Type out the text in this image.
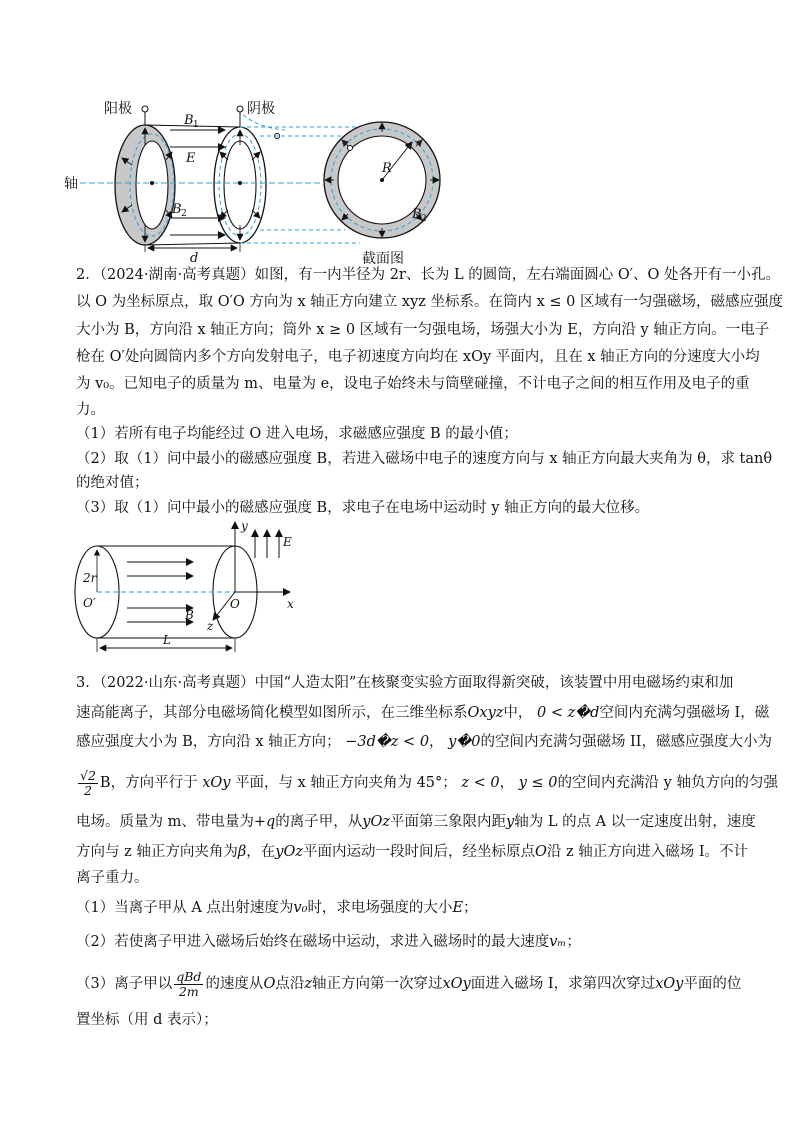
阳极	阴极
轴
B 1
E
B 2
d
R
B 2
截面图
2．（2024·湖南·高考真题）如图，有一内半径为 2r、长为 L 的圆筒，左右端面圆心 O′、O 处各开有一小孔。
以 O 为坐标原点，取 O′O 方向为 x 轴正方向建立 xyz 坐标系。在筒内 x ≤ 0 区域有一匀强磁场，磁感应强度
大小为 B，方向沿 x 轴正方向；筒外 x ≥ 0 区域有一匀强电场，场强大小为 E，方向沿 y 轴正方向。一电子
枪在 O′处向圆筒内多个方向发射电子，电子初速度方向均在 xOy 平面内，且在 x 轴正方向的分速度大小均
为 v₀。已知电子的质量为 m、电量为 e，设电子始终未与筒壁碰撞，不计电子之间的相互作用及电子的重
力。
（1）若所有电子均能经过 O 进入电场，求磁感应强度 B 的最小值；
（2）取（1）问中最小的磁感应强度 B，若进入磁场中电子的速度方向与 x 轴正方向最大夹角为 θ，求 tanθ
的绝对值；
（3）取（1）问中最小的磁感应强度 B，求电子在电场中运动时 y 轴正方向的最大位移。
y
E
2r
O′
B
O	x
z
L
3．（2022·山东·高考真题）中国“人造太阳”在核聚变实验方面取得新突破，该装置中用电磁场约束和加
速高能离子，其部分电磁场简化模型如图所示，在三维坐标系Oxyz中， 0 < z�d空间内充满匀强磁场 I，磁
感应强度大小为 B，方向沿 x 轴正方向； −3d�z < 0， y�0的空间内充满匀强磁场 II，磁感应强度大小为
$\frac{√2}{2}$ B，方向平行于 xOy 平面，与 x 轴正方向夹角为 45°； z < 0， y ≤ 0的空间内充满沿 y 轴负方向的匀强
电场。质量为 m、带电量为+q的离子甲，从yOz平面第三象限内距y轴为 L 的点 A 以一定速度出射，速度
方向与 z 轴正方向夹角为β，在yOz平面内运动一段时间后，经坐标原点O沿 z 轴正方向进入磁场 I。不计
离子重力。
（1）当离子甲从 A 点出射速度为v₀时，求电场强度的大小E；
（2）若使离子甲进入磁场后始终在磁场中运动，求进入磁场时的最大速度vₘ；
（3）离子甲以 $\frac{\text{qBd}}{2m}$ 的速度从O点沿z轴正方向第一次穿过xOy面进入磁场 I，求第四次穿过xOy平面的位
置坐标（用 d 表示）；
